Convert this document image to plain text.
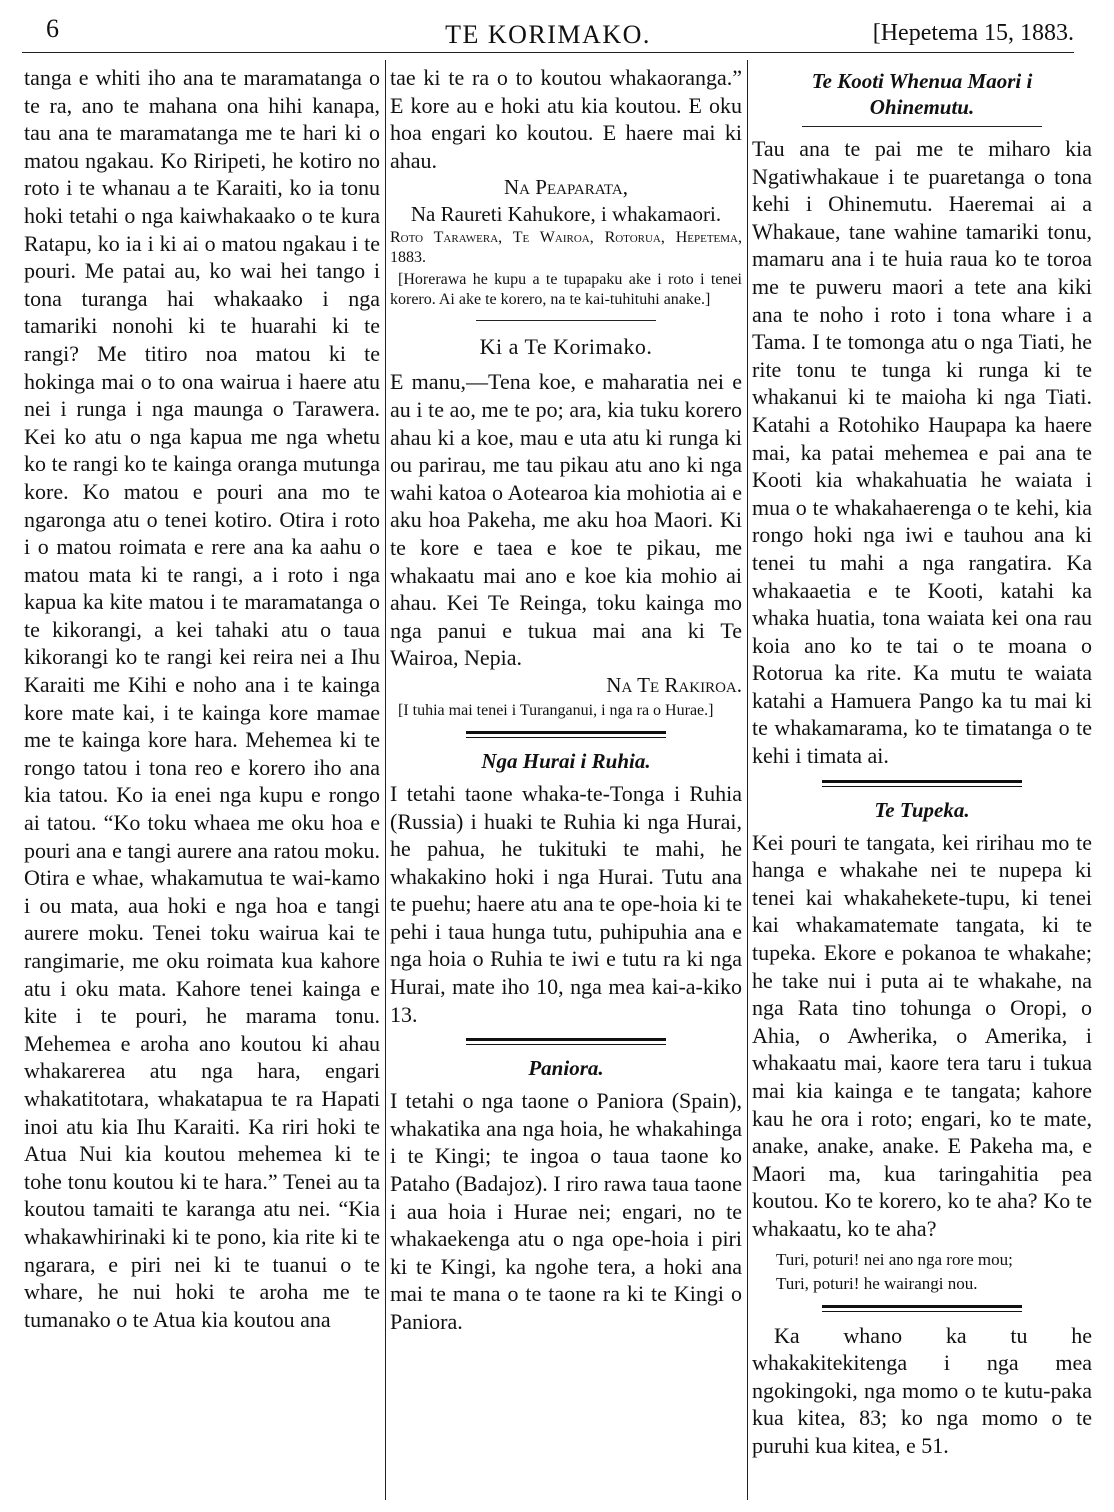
6	TE KORIMAKO.	[Hepetema 15, 1883.

tanga e whiti iho ana te maramatanga o te ra, ano te mahana ona hihi kanapa, tau ana te maramatanga me te hari ki o matou ngakau. Ko Riripeti, he kotiro no roto i te whanau a te Karaiti, ko ia tonu hoki tetahi o nga kaiwhakaako o te kura Ratapu, ko ia i ki ai o matou ngakau i te pouri. Me patai au, ko wai hei tango i tona turanga hai whakaako i nga tamariki nonohi ki te huarahi ki te rangi? Me titiro noa matou ki te hokinga mai o to ona wairua i haere atu nei i runga i nga maunga o Tarawera. Kei ko atu o nga kapua me nga whetu ko te rangi ko te kainga oranga mutunga kore. Ko matou e pouri ana mo te ngaronga atu o tenei kotiro. Otira i roto i o matou roimata e rere ana ka aahu o matou mata ki te rangi, a i roto i nga kapua ka kite matou i te maramatanga o te kikorangi, a kei tahaki atu o taua kikorangi ko te rangi kei reira nei a Ihu Karaiti me Kihi e noho ana i te kainga kore mate kai, i te kainga kore mamae me te kainga kore hara. Mehemea ki te rongo tatou i tona reo e korero iho ana kia tatou. Ko ia enei nga kupu e rongo ai tatou. “Ko toku whaea me oku hoa e pouri ana e tangi aurere ana ratou moku. Otira e whae, whakamutua te wai-kamo i ou mata, aua hoki e nga hoa e tangi aurere moku. Tenei toku wairua kai te rangimarie, me oku roimata kua kahore atu i oku mata. Kahore tenei kainga e kite i te pouri, he marama tonu. Mehemea e aroha ano koutou ki ahau whakarerea atu nga hara, engari whakatitotara, whakatapua te ra Hapati inoi atu kia Ihu Karaiti. Ka riri hoki te Atua Nui kia koutou mehemea ki te tohe tonu koutou ki te hara.” Tenei au ta koutou tamaiti te karanga atu nei. “Kia whakawhirinaki ki te pono, kia rite ki te ngarara, e piri nei ki te tuanui o te whare, he nui hoki te aroha me te tumanako o te Atua kia koutou ana

tae ki te ra o to koutou whakaoranga.” E kore au e hoki atu kia koutou. E oku hoa engari ko koutou. E haere mai ki ahau.

Na Peaparata,

Na Raureti Kahukore, i whakamaori.

Roto Tarawera, Te Wairoa, Rotorua, Hepetema, 1883.

[Horerawa he kupu a te tupapaku ake i roto i tenei korero. Ai ake te korero, na te kai-tuhituhi anake.]

Ki a Te Korimako.

E manu,—Tena koe, e maharatia nei e au i te ao, me te po; ara, kia tuku korero ahau ki a koe, mau e uta atu ki runga ki ou parirau, me tau pikau atu ano ki nga wahi katoa o Aotearoa kia mohiotia ai e aku hoa Pakeha, me aku hoa Maori. Ki te kore e taea e koe te pikau, me whakaatu mai ano e koe kia mohio ai ahau. Kei Te Reinga, toku kainga mo nga panui e tukua mai ana ki Te Wairoa, Nepia.

Na Te Rakiroa.

[I tuhia mai tenei i Turanganui, i nga ra o Hurae.]

Nga Hurai i Ruhia.

I tetahi taone whaka-te-Tonga i Ruhia (Russia) i huaki te Ruhia ki nga Hurai, he pahua, he tukituki te mahi, he whakakino hoki i nga Hurai. Tutu ana te puehu; haere atu ana te ope-hoia ki te pehi i taua hunga tutu, puhipuhia ana e nga hoia o Ruhia te iwi e tutu ra ki nga Hurai, mate iho 10, nga mea kai-a-kiko 13.

Paniora.

I tetahi o nga taone o Paniora (Spain), whakatika ana nga hoia, he whakahinga i te Kingi; te ingoa o taua taone ko Pataho (Badajoz). I riro rawa taua taone i aua hoia i Hurae nei; engari, no te whakaekenga atu o nga ope-hoia i piri ki te Kingi, ka ngohe tera, a hoki ana mai te mana o te taone ra ki te Kingi o Paniora.

Te Kooti Whenua Maori i
Ohinemutu.

Tau ana te pai me te miharo kia Ngatiwhakaue i te puaretanga o tona kehi i Ohinemutu. Haeremai ai a Whakaue, tane wahine tamariki tonu, mamaru ana i te huia raua ko te toroa me te puweru maori a tete ana kiki ana te noho i roto i tona whare i a Tama. I te tomonga atu o nga Tiati, he rite tonu te tunga ki runga ki te whakanui ki te maioha ki nga Tiati. Katahi a Rotohiko Haupapa ka haere mai, ka patai mehemea e pai ana te Kooti kia whakahuatia he waiata i mua o te whakahaerenga o te kehi, kia rongo hoki nga iwi e tauhou ana ki tenei tu mahi a nga rangatira. Ka whakaaetia e te Kooti, katahi ka whaka huatia, tona waiata kei ona rau koia ano ko te tai o te moana o Rotorua ka rite. Ka mutu te waiata katahi a Hamuera Pango ka tu mai ki te whakamarama, ko te timatanga o te kehi i timata ai.

Te Tupeka.

Kei pouri te tangata, kei ririhau mo te hanga e whakahe nei te nupepa ki tenei kai whakahekete-tupu, ki tenei kai whakamatemate tangata, ki te tupeka. Ekore e pokanoa te whakahe; he take nui i puta ai te whakahe, na nga Rata tino tohunga o Oropi, o Ahia, o Awherika, o Amerika, i whakaatu mai, kaore tera taru i tukua mai kia kainga e te tangata; kahore kau he ora i roto; engari, ko te mate, anake, anake, anake. E Pakeha ma, e Maori ma, kua taringahitia pea koutou. Ko te korero, ko te aha? Ko te whakaatu, ko te aha?

Turi, poturi! nei ano nga rore mou;
Turi, poturi! he wairangi nou.

Ka whano ka tu he whakakitekitenga i nga mea ngokingoki, nga momo o te kutu-paka kua kitea, 83; ko nga momo o te puruhi kua kitea, e 51.
